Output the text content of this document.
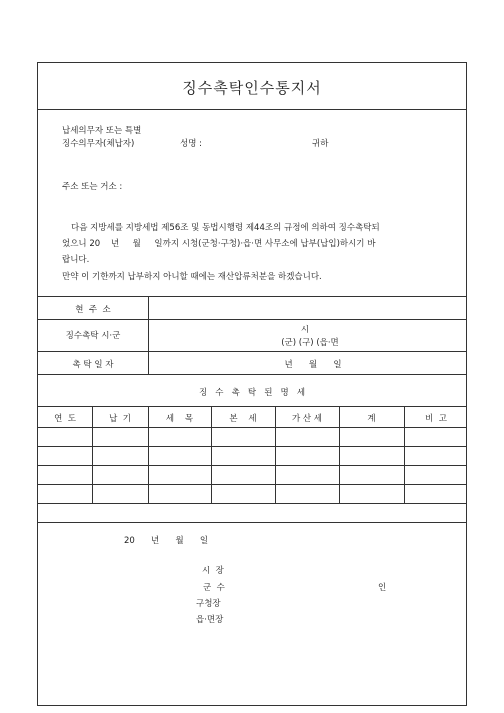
징수촉탁인수통지서
납세의무자 또는 특별
징수의무자(체납자)	성명 :	귀하
주소 또는 거소 :
다음 지방세를 지방세법 제56조 및 동법시행령 제44조의 규정에 의하여 징수촉탁되
었으니 20    년     월     일까지 시청(군청·구청)·읍·면 사무소에 납부(납입)하시기 바
랍니다.
만약 이 기한까지 납부하지 아니할 때에는 재산압류처분을 하겠습니다.
현  주  소
징수촉탁 시·군
시
(군) (구) (읍·면
촉 탁 일 자	년      월      일
징   수   촉   탁   된   명   세
연  도	납  기	세    목	본    세	가 산 세	계	비  고
20      년      월      일
시  장
군  수	인
구청장
읍·면장
